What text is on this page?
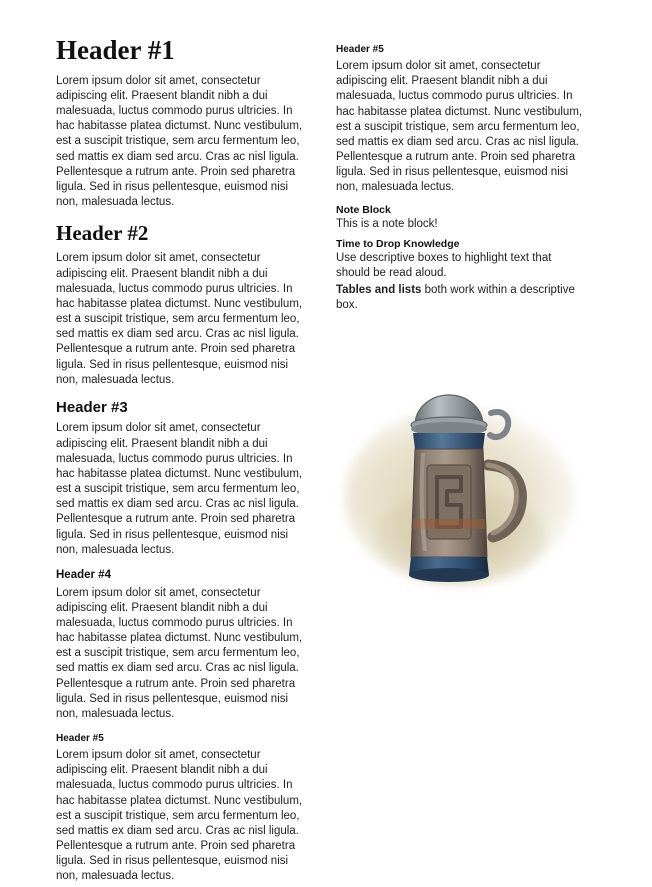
Header #1

Lorem ipsum dolor sit amet, consectetur adipiscing elit. Praesent blandit nibh a dui malesuada, luctus commodo purus ultricies. In hac habitasse platea dictumst. Nunc vestibulum, est a suscipit tristique, sem arcu fermentum leo, sed mattis ex diam sed arcu. Cras ac nisl ligula. Pellentesque a rutrum ante. Proin sed pharetra ligula. Sed in risus pellentesque, euismod nisi non, malesuada lectus.

Header #2

Lorem ipsum dolor sit amet, consectetur adipiscing elit. Praesent blandit nibh a dui malesuada, luctus commodo purus ultricies. In hac habitasse platea dictumst. Nunc vestibulum, est a suscipit tristique, sem arcu fermentum leo, sed mattis ex diam sed arcu. Cras ac nisl ligula. Pellentesque a rutrum ante. Proin sed pharetra ligula. Sed in risus pellentesque, euismod nisi non, malesuada lectus.

Header #3

Lorem ipsum dolor sit amet, consectetur adipiscing elit. Praesent blandit nibh a dui malesuada, luctus commodo purus ultricies. In hac habitasse platea dictumst. Nunc vestibulum, est a suscipit tristique, sem arcu fermentum leo, sed mattis ex diam sed arcu. Cras ac nisl ligula. Pellentesque a rutrum ante. Proin sed pharetra ligula. Sed in risus pellentesque, euismod nisi non, malesuada lectus.

Header #4

Lorem ipsum dolor sit amet, consectetur adipiscing elit. Praesent blandit nibh a dui malesuada, luctus commodo purus ultricies. In hac habitasse platea dictumst. Nunc vestibulum, est a suscipit tristique, sem arcu fermentum leo, sed mattis ex diam sed arcu. Cras ac nisl ligula. Pellentesque a rutrum ante. Proin sed pharetra ligula. Sed in risus pellentesque, euismod nisi non, malesuada lectus.

Header #5

Lorem ipsum dolor sit amet, consectetur adipiscing elit. Praesent blandit nibh a dui malesuada, luctus commodo purus ultricies. In hac habitasse platea dictumst. Nunc vestibulum, est a suscipit tristique, sem arcu fermentum leo, sed mattis ex diam sed arcu. Cras ac nisl ligula. Pellentesque a rutrum ante. Proin sed pharetra ligula. Sed in risus pellentesque, euismod nisi non, malesuada lectus.

Header #5

Lorem ipsum dolor sit amet, consectetur adipiscing elit. Praesent blandit nibh a dui malesuada, luctus commodo purus ultricies. In hac habitasse platea dictumst. Nunc vestibulum, est a suscipit tristique, sem arcu fermentum leo, sed mattis ex diam sed arcu. Cras ac nisl ligula. Pellentesque a rutrum ante. Proin sed pharetra ligula. Sed in risus pellentesque, euismod nisi non, malesuada lectus.

Note Block
This is a note block!
Time to Drop Knowledge
Use descriptive boxes to highlight text that should be read aloud.
Tables and lists both work within a descriptive box.
